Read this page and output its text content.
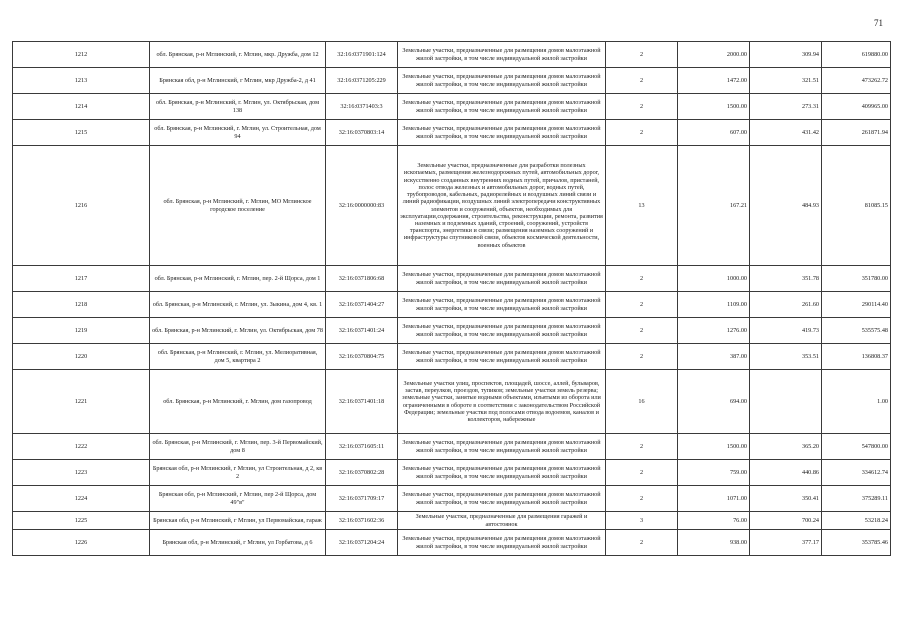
71
1212	обл. Брянская, р-н Мглинский, г. Мглин, мкр. Дружба, дом 12	32:16:0371901:124	Земельные участки, предназначенные для размещения домов малоэтажной жилой застройки, в том числе индивидуальной жилой застройки	2	2000.00	309.94	619880.00
1213	Брянская обл, р-н Мглинский, г Мглин, мкр Дружба-2, д 41	32:16:0371205:229	Земельные участки, предназначенные для размещения домов малоэтажной жилой застройки, в том числе индивидуальной жилой застройки	2	1472.00	321.51	473262.72
1214	обл. Брянская, р-н Мглинский, г. Мглин, ул. Октябрьская, дом 138	32:16:0371403:3	Земельные участки, предназначенные для размещения домов малоэтажной жилой застройки, в том числе индивидуальной жилой застройки	2	1500.00	273.31	409965.00
1215	обл. Брянская, р-н Мглинский, г. Мглин, ул. Строительная, дом 94	32:16:0370803:14	Земельные участки, предназначенные для размещения домов малоэтажной жилой застройки, в том числе индивидуальной жилой застройки	2	607.00	431.42	261871.94
1216	обл. Брянская, р-н Мглинский, г. Мглин, МО Мглинское городское поселение	32:16:0000000:83	Земельные участки, предназначенные для разработки полезных ископаемых, размещения железнодорожных путей, автомобильных дорог, искусственно созданных внутренних водных путей, причалов, пристаней, полос отвода железных и автомобильных дорог, водных путей, трубопроводов, кабельных, радиорелейных и воздушных линий связи и линий радиофикации, воздушных линий электропередачи конструктивных элементов и сооружений, объектов, необходимых для эксплуатации,содержания, строительства, реконструкции, ремонта, развития наземных и подземных зданий, строений, сооружений, устройств транспорта, энергетики и связи; размещения наземных сооружений и инфраструктуры спутниковой связи, объектов космической деятельности, военных объектов	13	167.21	484.93	81085.15
1217	обл. Брянская, р-н Мглинский, г. Мглин, пер. 2-й Щорса, дом 1	32:16:0371806:68	Земельные участки, предназначенные для размещения домов малоэтажной жилой застройки, в том числе индивидуальной жилой застройки	2	1000.00	351.78	351780.00
1218	обл. Брянская, р-н Мглинский, г. Мглин, ул. Зыкина, дом 4, кв. 1	32:16:0371404:27	Земельные участки, предназначенные для размещения домов малоэтажной жилой застройки, в том числе индивидуальной жилой застройки	2	1109.00	261.60	290114.40
1219	обл. Брянская, р-н Мглинский, г. Мглин, ул. Октябрьская, дом 78	32:16:0371401:24	Земельные участки, предназначенные для размещения домов малоэтажной жилой застройки, в том числе индивидуальной жилой застройки	2	1276.00	419.73	535575.48
1220	обл. Брянская, р-н Мглинский, г. Мглин, ул. Мелиоративная, дом 5, квартира 2	32:16:0370804:75	Земельные участки, предназначенные для размещения домов малоэтажной жилой застройки, в том числе индивидуальной жилой застройки	2	387.00	353.51	136808.37
1221	обл. Брянская, р-н Мглинский, г. Мглин, дом газопровод	32:16:0371401:18	Земельные участки улиц, проспектов, площадей, шоссе, аллей, бульваров, застав, переулков, проездов, тупиков; земельные участки земель резерва; земельные участки, занятые водными объектами, изъятыми из оборота или ограниченными в обороте в соответствии с законодательством Российской Федерации; земельные участки под полосами отвода водоемов, каналов и коллекторов, набережные	16	694.00		1.00
1222	обл. Брянская, р-н Мглинский, г. Мглин, пер. 3-й Первомайский, дом 8	32:16:0371605:11	Земельные участки, предназначенные для размещения домов малоэтажной жилой застройки, в том числе индивидуальной жилой застройки	2	1500.00	365.20	547800.00
1223	Брянская обл, р-н Мглинский, г Мглин, ул Строительная, д 2, кв 2	32:16:0370802:28	Земельные участки, предназначенные для размещения домов малоэтажной жилой застройки, в том числе индивидуальной жилой застройки	2	759.00	440.86	334612.74
1224	Брянская обл, р-н Мглинский, г Мглин, пер 2-й Щорса, дом 49"в"	32:16:0371709:17	Земельные участки, предназначенные для размещения домов малоэтажной жилой застройки, в том числе индивидуальной жилой застройки	2	1071.00	350.41	375289.11
1225	Брянская обл, р-н Мглинский, г Мглин, ул Первомайская, гараж	32:16:0371602:36	Земельные участки, предназначенные для размещения гаражей и автостоянок	3	76.00	700.24	53218.24
1226	Брянская обл, р-н Мглинский, г Мглин, ул Горбатова, д 6	32:16:0371204:24	Земельные участки, предназначенные для размещения домов малоэтажной жилой застройки, в том числе индивидуальной жилой застройки	2	938.00	377.17	353785.46
